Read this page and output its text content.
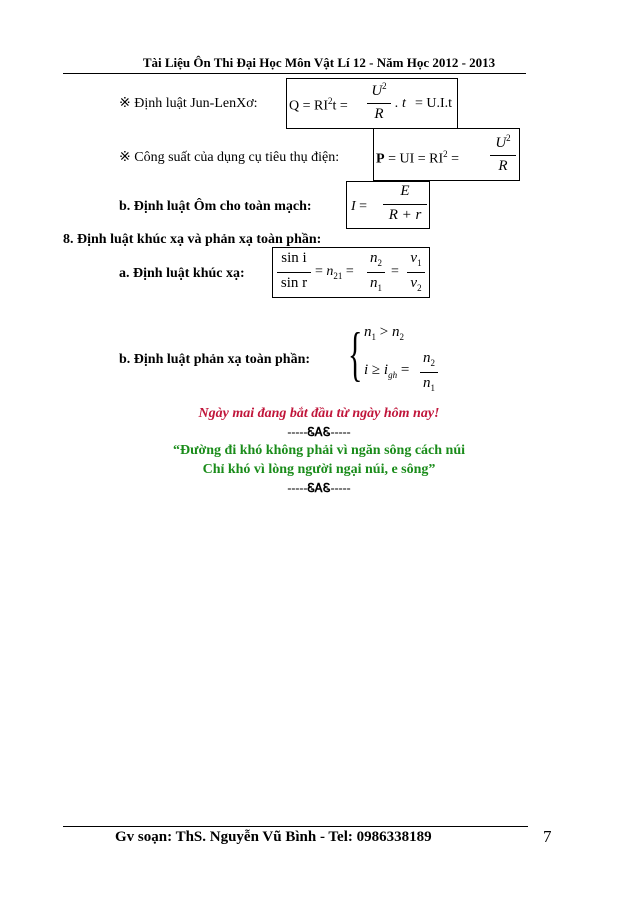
Tài Liệu Ôn Thi Đại Học Môn Vật Lí 12 - Năm Học 2012 - 2013
※ Định luật Jun-LenXơ: $Q = RI^2t$ =
$U^2$
R
. t = U.I.t
※ Công suất của dụng cụ tiêu thụ điện:	P = UI = $RI^2$ =
$U^2$
R
b. Định luật Ôm cho toàn mạch:	I =
E
R + r
8. Định luật khúc xạ và phản xạ toàn phần:
a. Định luật khúc xạ:
sin i
sin r
= $n_{21}$ =
$n_2$
$n_1$
=
$v_1$
$v_2$
b. Định luật phản xạ toàn phần: { $n_1 > n_2$
$i \ge i_{gh}$ =
$n_2$
$n_1$
Ngày mai đang bắt đầu từ ngày hôm nay!
-----ᏋᎪᏋ-----
“Đường đi khó không phải vì ngăn sông cách núi
Chỉ khó vì lòng người ngại núi, e sông”
-----ᏋᎪᏋ-----
Gv soạn: ThS. Nguyễn Vũ Bình - Tel: 0986338189	7
